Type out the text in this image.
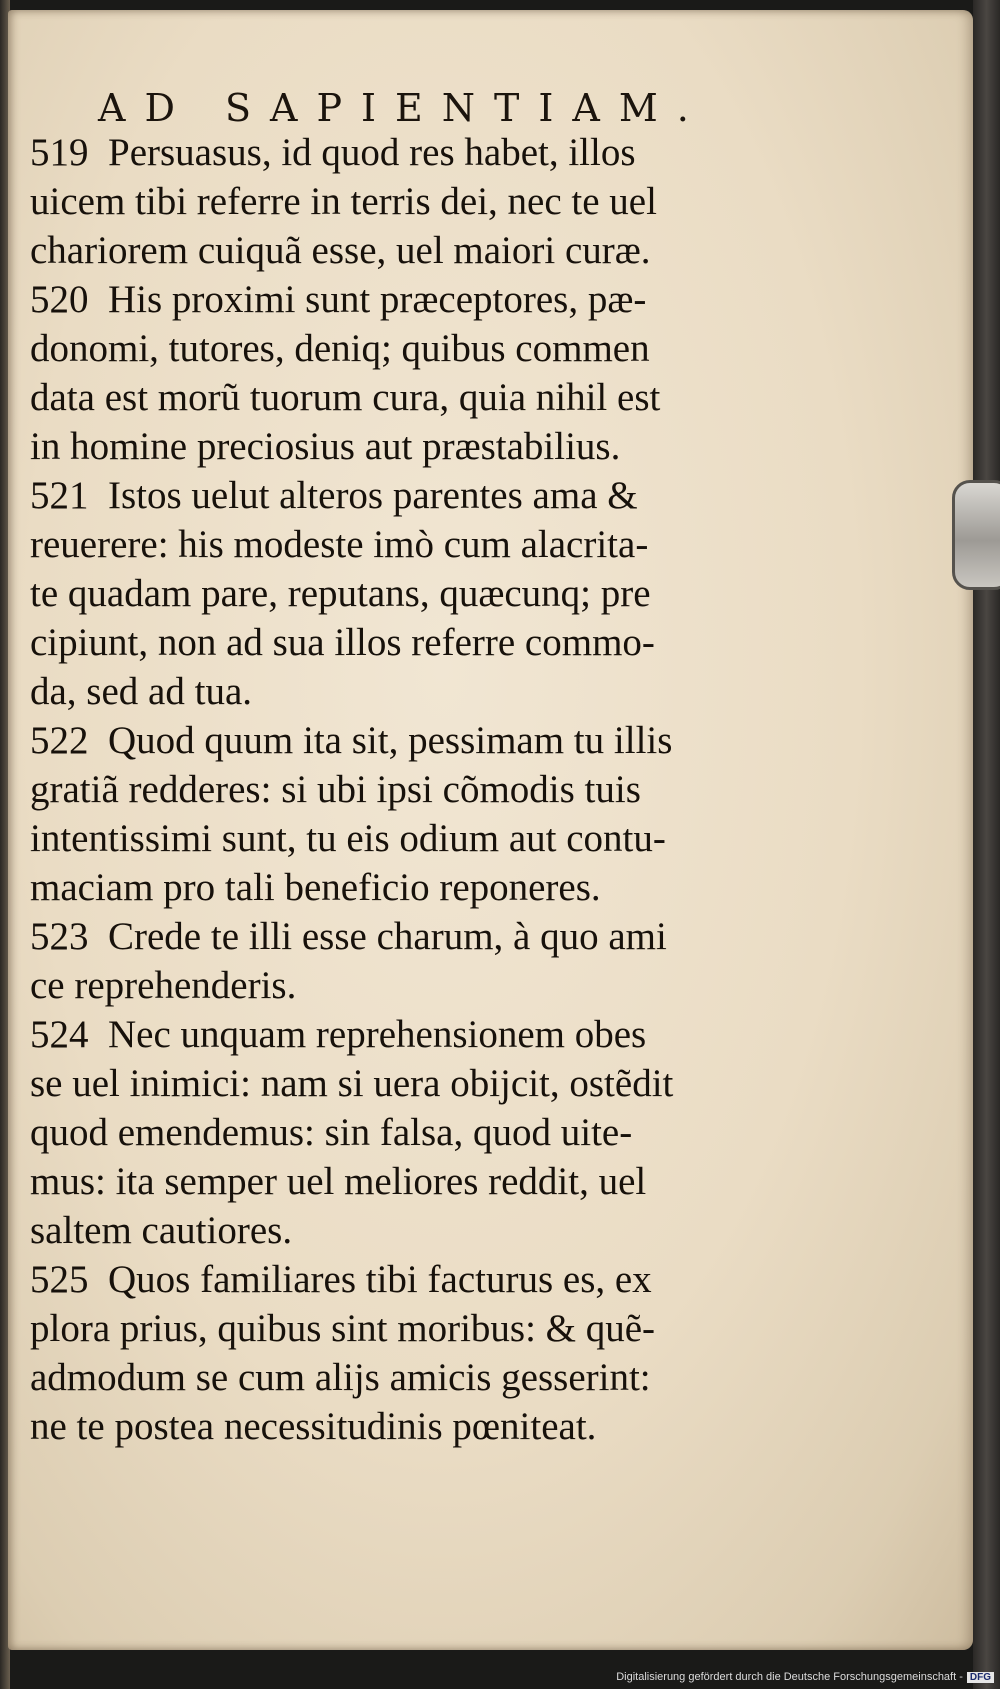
AD SAPIENTIAM.
519  Persuasus, id quod res habet, illos
uicem tibi referre in terris dei, nec te uel
chariorem cuiquã esse, uel maiori curæ.
520  His proximi sunt præceptores, pæ-
donomi, tutores, deniq; quibus commen
data est morũ tuorum cura, quia nihil est
in homine preciosius aut præstabilius.
521  Istos uelut alteros parentes ama &
reuerere: his modeste imò cum alacrita-
te quadam pare, reputans, quæcunq; pre
cipiunt, non ad sua illos referre commo-
da, sed ad tua.
522  Quod quum ita sit, pessimam tu illis
gratiã redderes: si ubi ipsi cõmodis tuis
intentissimi sunt, tu eis odium aut contu-
maciam pro tali beneficio reponeres.
523  Crede te illi esse charum, à quo ami
ce reprehenderis.
524  Nec unquam reprehensionem obes
se uel inimici: nam si uera obijcit, ostẽdit
quod emendemus: sin falsa, quod uite-
mus: ita semper uel meliores reddit, uel
saltem cautiores.
525  Quos familiares tibi facturus es, ex
plora prius, quibus sint moribus: & quẽ-
admodum se cum alijs amicis gesserint:
ne te postea necessitudinis pœniteat.
Digitalisierung gefördert durch die Deutsche Forschungsgemeinschaft - DFG
